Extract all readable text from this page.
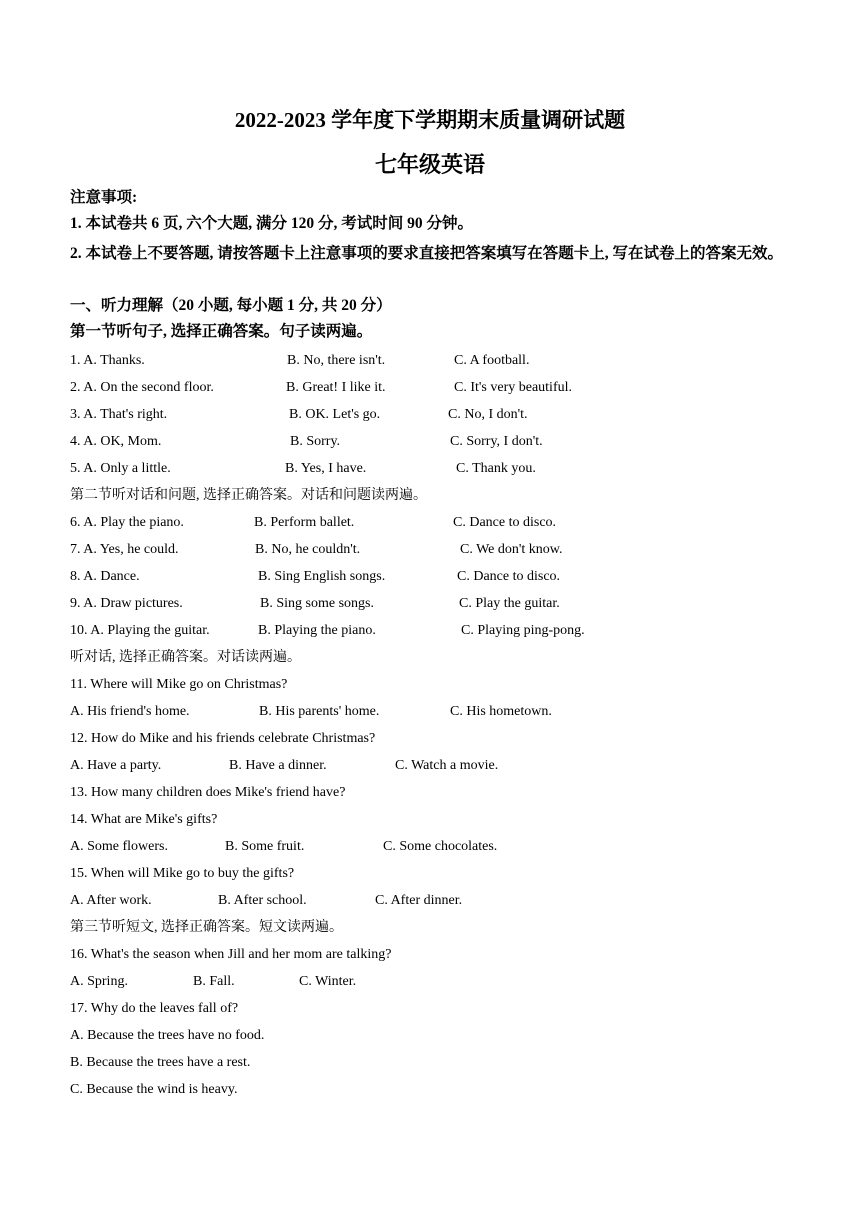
2022-2023 学年度下学期期末质量调研试题
七年级英语
注意事项:
1. 本试卷共 6 页, 六个大题, 满分 120 分, 考试时间 90 分钟。
2. 本试卷上不要答题, 请按答题卡上注意事项的要求直接把答案填写在答题卡上, 写在试卷上的答案无效。
一、听力理解（20 小题, 每小题 1 分, 共 20 分）
第一节听句子, 选择正确答案。句子读两遍。
1. A. Thanks.	B. No, there isn't.	C. A football.
2. A. On the second floor.	B. Great! I like it.	C. It's very beautiful.
3. A. That's right.	B. OK. Let's go.	C. No, I don't.
4. A. OK, Mom.	B. Sorry.	C. Sorry, I don't.
5. A. Only a little.	B. Yes, I have.	C. Thank you.
第二节听对话和问题, 选择正确答案。对话和问题读两遍。
6. A. Play the piano.	B. Perform ballet.	C. Dance to disco.
7. A. Yes, he could.	B. No, he couldn't.	C. We don't know.
8. A. Dance.	B. Sing English songs.	C. Dance to disco.
9. A. Draw pictures.	B. Sing some songs.	C. Play the guitar.
10. A. Playing the guitar.	B. Playing the piano.	C. Playing ping-pong.
听对话, 选择正确答案。对话读两遍。
11. Where will Mike go on Christmas?
A. His friend's home.	B. His parents' home.	C. His hometown.
12. How do Mike and his friends celebrate Christmas?
A. Have a party.	B. Have a dinner.	C. Watch a movie.
13. How many children does Mike's friend have?
14. What are Mike's gifts?
A. Some flowers.	B. Some fruit.	C. Some chocolates.
15. When will Mike go to buy the gifts?
A. After work.	B. After school.	C. After dinner.
第三节听短文, 选择正确答案。短文读两遍。
16. What's the season when Jill and her mom are talking?
A. Spring.	B. Fall.	C. Winter.
17. Why do the leaves fall of?
A. Because the trees have no food.
B. Because the trees have a rest.
C. Because the wind is heavy.
